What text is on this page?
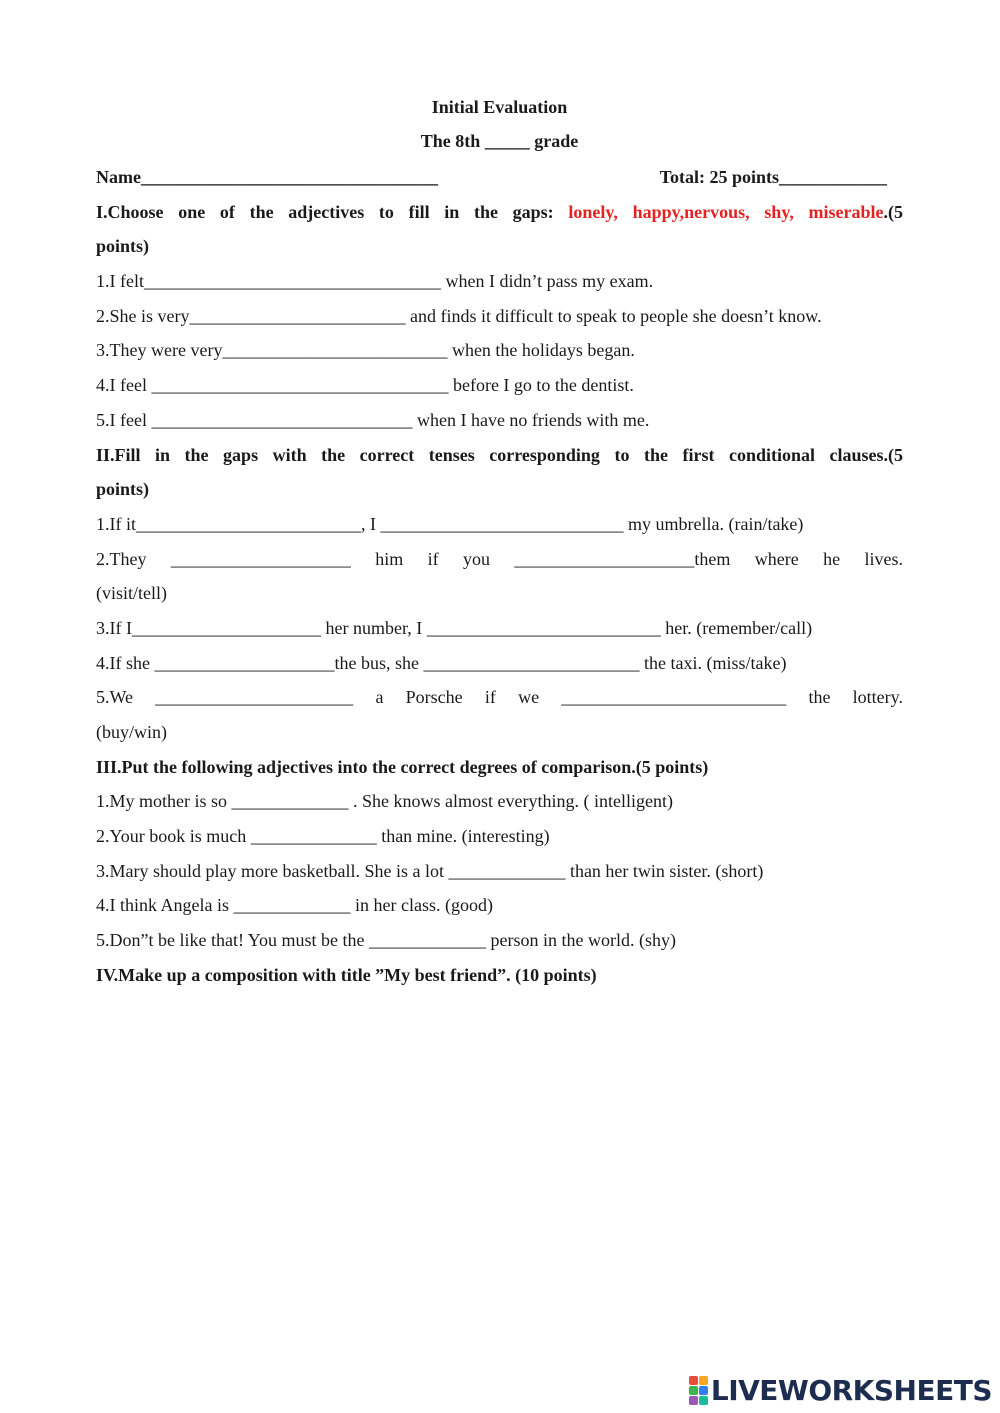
Initial Evaluation
The 8th _____ grade
Name_________________________________	Total: 25 points____________
I.Choose one of the adjectives to fill in the gaps: lonely, happy,nervous, shy, miserable.(5
points)
1.I felt_________________________________ when I didn’t pass my exam.
2.She is very________________________ and finds it difficult to speak to people she doesn’t know.
3.They were very_________________________ when the holidays began.
4.I feel _________________________________ before I go to the dentist.
5.I feel _____________________________ when I have no friends with me.
II.Fill in the gaps with the correct tenses corresponding to the first conditional clauses.(5
points)
1.If it_________________________, I ___________________________ my umbrella. (rain/take)
2.They ____________________ him if you ____________________them where he lives.
(visit/tell)
3.If I_____________________ her number, I __________________________ her. (remember/call)
4.If she ____________________the bus, she ________________________ the taxi. (miss/take)
5.We ______________________ a Porsche if we _________________________ the lottery.
(buy/win)
III.Put the following adjectives into the correct degrees of comparison.(5 points)
1.My mother is so _____________ . She knows almost everything. ( intelligent)
2.Your book is much ______________ than mine. (interesting)
3.Mary should play more basketball. She is a lot _____________ than her twin sister. (short)
4.I think Angela is _____________ in her class. (good)
5.Don”t be like that! You must be the _____________ person in the world. (shy)
IV.Make up a composition with title ”My best friend”. (10 points)
LIVEWORKSHEETS
